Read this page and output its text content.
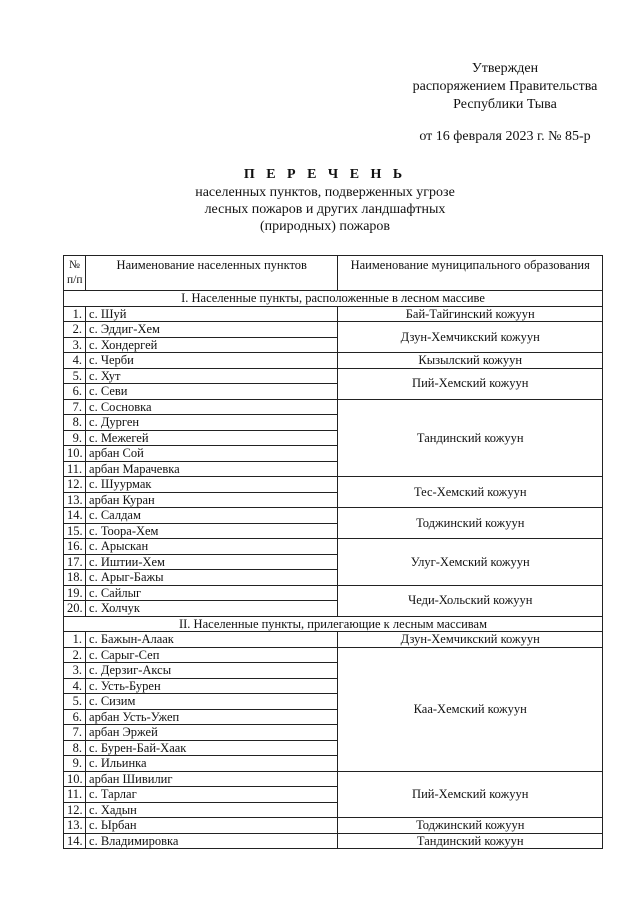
Утвержден
распоряжением Правительства
Республики Тыва
от 16 февраля 2023 г. № 85-р
П Е Р Е Ч Е Н Ь
населенных пунктов, подверженных угрозе
лесных пожаров и других ландшафтных
(природных) пожаров
№
п/п	Наименование населенных пунктов	Наименование муниципального образования
I. Населенные пункты, расположенные в лесном массиве		
1.	с. Шуй	Бай-Тайгинский кожуун
2.	с. Эддиг-Хем	Дзун-Хемчикский кожуун
3.	с. Хондергей	
4.	с. Черби	Кызылский кожуун
5.	с. Хут	Пий-Хемский кожуун
6.	с. Севи	
7.	с. Сосновка	Тандинский кожуун
8.	с. Дурген	
9.	с. Межегей	
10.	арбан Сой	
11.	арбан Марачевка	
12.	с. Шуурмак	Тес-Хемский кожуун
13.	арбан Куран	
14.	с. Салдам	Тоджинский кожуун
15.	с. Тоора-Хем	
16.	с. Арыскан	Улуг-Хемский кожуун
17.	с. Иштии-Хем	
18.	с. Арыг-Бажы	
19.	с. Сайлыг	Чеди-Хольский кожуун
20.	с. Холчук	
II. Населенные пункты, прилегающие к лесным массивам		
1.	с. Бажын-Алаак	Дзун-Хемчикский кожуун
2.	с. Сарыг-Сеп	Каа-Хемский кожуун
3.	с. Дерзиг-Аксы	
4.	с. Усть-Бурен	
5.	с. Сизим	
6.	арбан Усть-Ужеп	
7.	арбан Эржей	
8.	с. Бурен-Бай-Хаак	
9.	с. Ильинка	
10.	арбан Шивилиг	Пий-Хемский кожуун
11.	с. Тарлаг	
12.	с. Хадын	
13.	с. Ырбан	Тоджинский кожуун
14.	с. Владимировка	Тандинский кожуун
